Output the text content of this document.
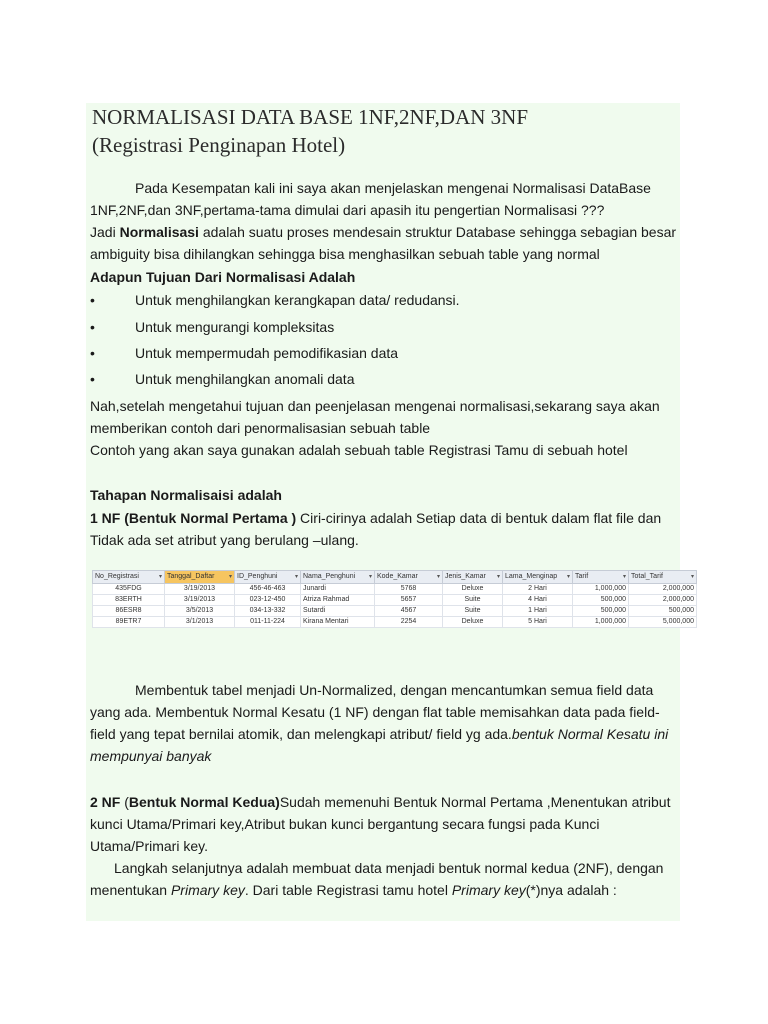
NORMALISASI DATA BASE 1NF,2NF,DAN 3NF
(Registrasi Penginapan Hotel)

Pada Kesempatan kali ini saya akan menjelaskan mengenai Normalisasi DataBase 1NF,2NF,dan 3NF,pertama-tama dimulai dari apasih itu pengertian Normalisasi ???

Jadi Normalisasi adalah suatu proses mendesain struktur Database sehingga sebagian besar ambiguity bisa dihilangkan sehingga bisa menghasilkan sebuah table yang normal

Adapun Tujuan Dari Normalisasi Adalah

•	Untuk menghilangkan kerangkapan data/ redudansi.
•	Untuk mengurangi kompleksitas
•	Untuk mempermudah pemodifikasian data
•	Untuk menghilangkan anomali data

Nah,setelah mengetahui tujuan dan peenjelasan mengenai normalisasi,sekarang saya akan memberikan contoh dari penormalisasian sebuah table

Contoh yang akan saya gunakan adalah sebuah table Registrasi Tamu di sebuah hotel

Tahapan Normalisaisi adalah

1 NF (Bentuk Normal Pertama ) Ciri-cirinya adalah Setiap data di bentuk dalam flat file dan Tidak ada set atribut yang berulang –ulang.

No_Registrasi ▾	Tanggal_Daftar ▾	ID_Penghuni ▾	Nama_Penghuni ▾	Kode_Kamar ▾	Jenis_Kamar ▾	Lama_Menginap ▾	Tarif ▾	Total_Tarif ▾

435FDG	3/19/2013	456-46-463	Junardi	5768	Deluxe	2 Hari	1,000,000	2,000,000
83ERTH	3/19/2013	023-12-450	Atriza Rahmad	5657	Suite	4 Hari	500,000	2,000,000
86ESR8	3/5/2013	034-13-332	Sutardi	4567	Suite	1 Hari	500,000	500,000
89ETR7	3/1/2013	011-11-224	Kirana Mentari	2254	Deluxe	5 Hari	1,000,000	5,000,000

Membentuk tabel menjadi Un-Normalized, dengan mencantumkan semua field data yang ada. Membentuk Normal Kesatu (1 NF) dengan flat table memisahkan data pada field-field yang tepat bernilai atomik, dan melengkapi atribut/ field yg ada.bentuk Normal Kesatu ini mempunyai banyak

2 NF (Bentuk Normal Kedua)Sudah memenuhi Bentuk Normal Pertama ,Menentukan atribut kunci Utama/Primari key,Atribut bukan kunci bergantung secara fungsi pada Kunci Utama/Primari key.

Langkah selanjutnya adalah membuat data menjadi bentuk normal kedua (2NF), dengan menentukan Primary key. Dari table Registrasi tamu hotel Primary key(*)nya adalah :
